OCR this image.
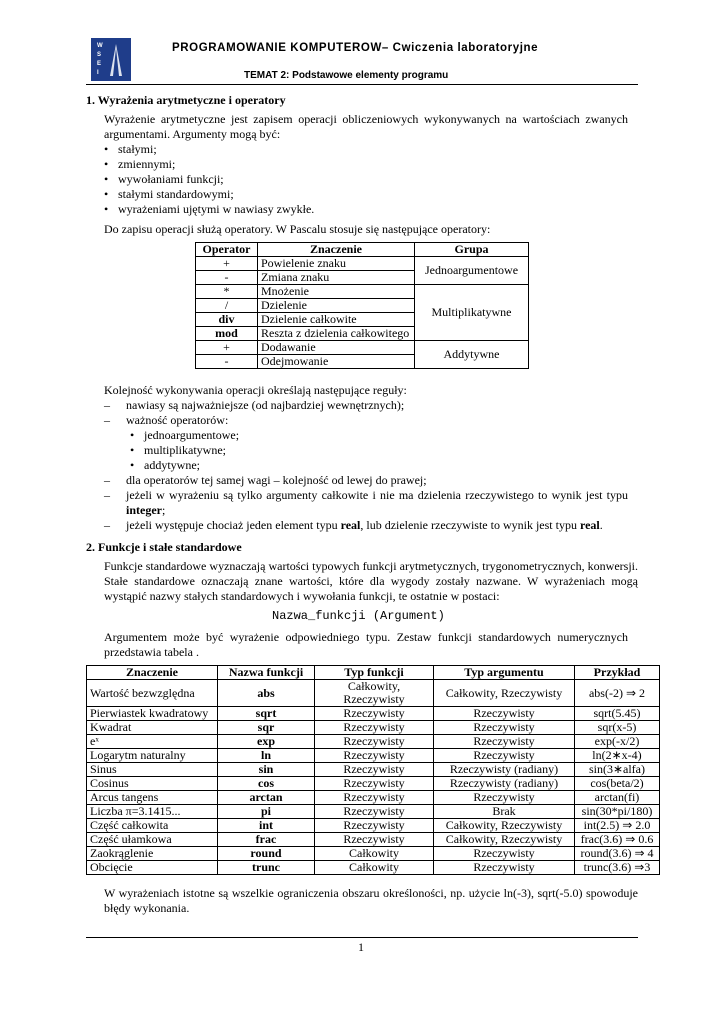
W
S
E
I
PROGRAMOWANIE KOMPUTEROW– Cwiczenia laboratoryjne
TEMAT 2: Podstawowe elementy programu
1. Wyrażenia arytmetyczne i operatory
Wyrażenie arytmetyczne jest zapisem operacji obliczeniowych wykonywanych na wartościach zwanych argumentami. Argumenty mogą być:
• stałymi;
• zmiennymi;
• wywołaniami funkcji;
• stałymi standardowymi;
• wyrażeniami ujętymi w nawiasy zwykłe.
Do zapisu operacji służą operatory. W Pascalu stosuje się następujące operatory:
Operator	Znaczenie	Grupa
+	Powielenie znaku	Jednoargumentowe
-	Zmiana znaku	
*	Mnożenie	Multiplikatywne
/	Dzielenie	
div	Dzielenie całkowite	
mod	Reszta z dzielenia całkowitego	
+	Dodawanie	Addytywne
-	Odejmowanie	
Kolejność wykonywania operacji określają następujące reguły:
– nawiasy są najważniejsze (od najbardziej wewnętrznych);
– ważność operatorów:
• jednoargumentowe;
• multiplikatywne;
• addytywne;
– dla operatorów tej samej wagi – kolejność od lewej do prawej;
–	jeżeli w wyrażeniu są tylko argumenty całkowite i nie ma dzielenia rzeczywistego to wynik jest typu integer;
– jeżeli występuje chociaż jeden element typu real, lub dzielenie rzeczywiste to wynik jest typu real.
2. Funkcje i stałe standardowe
Funkcje standardowe wyznaczają wartości typowych funkcji arytmetycznych, trygonometrycznych, konwersji. Stałe standardowe oznaczają znane wartości, które dla wygody zostały nazwane. W wyrażeniach mogą wystąpić nazwy stałych standardowych i wywołania funkcji, te ostatnie w postaci:
Nazwa_funkcji (Argument)
Argumentem może być wyrażenie odpowiedniego typu. Zestaw funkcji standardowych numerycznych przedstawia tabela .
Znaczenie	Nazwa funkcji	Typ funkcji	Typ argumentu	Przykład
Wartość bezwzględna	abs	Całkowity, Rzeczywisty	Całkowity, Rzeczywisty	abs(-2) ⇒ 2
Pierwiastek kwadratowy	sqrt	Rzeczywisty	Rzeczywisty	sqrt(5.45)
Kwadrat	sqr	Rzeczywisty	Rzeczywisty	sqr(x-5)
eˣ	exp	Rzeczywisty	Rzeczywisty	exp(-x/2)
Logarytm naturalny	ln	Rzeczywisty	Rzeczywisty	ln(2∗x-4)
Sinus	sin	Rzeczywisty	Rzeczywisty (radiany)	sin(3∗alfa)
Cosinus	cos	Rzeczywisty	Rzeczywisty (radiany)	cos(beta/2)
Arcus tangens	arctan	Rzeczywisty	Rzeczywisty	arctan(fi)
Liczba π=3.1415...	pi	Rzeczywisty	Brak	sin(30*pi/180)
Część całkowita	int	Rzeczywisty	Całkowity, Rzeczywisty	int(2.5) ⇒ 2.0
Część ułamkowa	frac	Rzeczywisty	Całkowity, Rzeczywisty	frac(3.6) ⇒ 0.6
Zaokrąglenie	round	Całkowity	Rzeczywisty	round(3.6) ⇒ 4
Obcięcie	trunc	Całkowity	Rzeczywisty	trunc(3.6) ⇒3
W wyrażeniach istotne są wszelkie ograniczenia obszaru określoności, np. użycie ln(-3), sqrt(-5.0) spowoduje błędy wykonania.
1
